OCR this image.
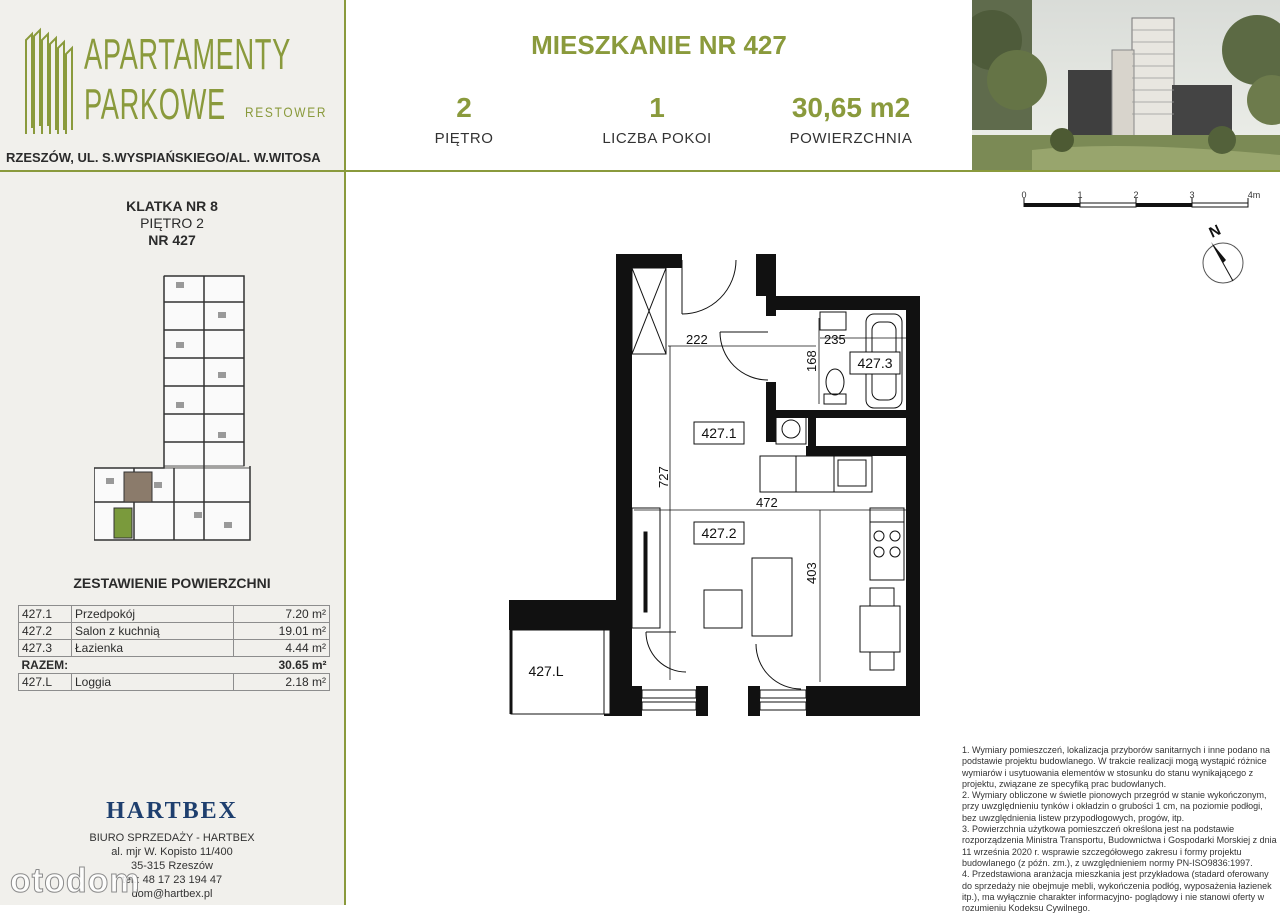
APARTAMENTY
PARKOWE RESTOWER
RZESZÓW, UL. S.WYSPIAŃSKIEGO/AL. W.WITOSA
KLATKA NR 8
PIĘTRO 2
NR 427
ZESTAWIENIE POWIERZCHNI
427.1	Przedpokój	7.20 m²
427.2	Salon z kuchnią	19.01 m²
427.3	Łazienka	4.44 m²
RAZEM:		30.65 m²
427.L	Loggia	2.18 m²
HARTBEX
BIURO SPRZEDAŻY - HARTBEX
al. mjr W. Kopisto 11/400
35-315 Rzeszów
tel.: 48 17 23 194 47
dom@hartbex.pl
otodom
MIESZKANIE NR 427
2
PIĘTRO
1
LICZBA POKOI
30,65 m2
POWIERZCHNIA
0	1	2	3	4m
N
427.L
222	235
168
727
472
403
427.1
427.2
427.3

1. Wymiary pomieszczeń, lokalizacja przyborów sanitarnych i inne podano na podstawie projektu budowlanego. W trakcie realizacji mogą wystąpić różnice wymiarów i usytuowania elementów w stosunku do stanu wynikającego z projektu, związane ze specyfiką prac budowlanych.

2. Wymiary obliczone w świetle pionowych przegród w stanie wykończonym, przy uwzględnieniu tynków i okładzin o grubości 1 cm, na poziomie podłogi, bez uwzględnienia listew przypodłogowych, progów, itp.

3. Powierzchnia użytkowa pomieszczeń określona jest na podstawie rozporządzenia Ministra Transportu, Budownictwa i Gospodarki Morskiej z dnia 11 września 2020 r. wsprawie szczegółowego zakresu i formy projektu budowlanego (z późn. zm.), z uwzględnieniem normy PN-ISO9836:1997.

4. Przedstawiona aranżacja mieszkania jest przykładowa (stadard oferowany do sprzedaży nie obejmuje mebli, wykończenia podłóg, wyposażenia łazienek itp.), ma wyłącznie charakter informacyjno- poglądowy i nie stanowi oferty w rozumieniu Kodeksu Cywilnego.
